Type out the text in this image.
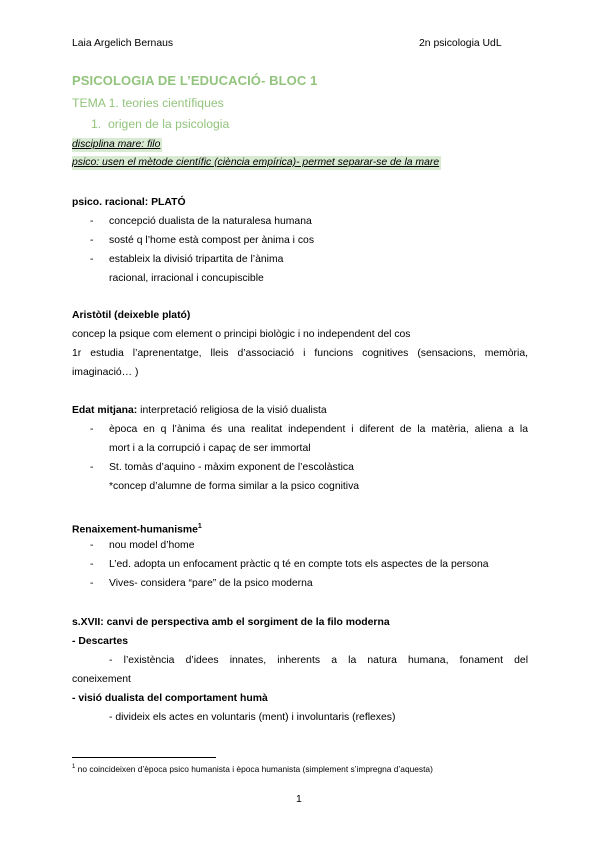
Laia Argelich Bernaus	2n psicologia UdL
PSICOLOGIA DE L’EDUCACIÓ- BLOC 1
TEMA 1. teories científiques
1. origen de la psicologia
disciplina mare: filo
psico: usen el mètode científic (ciència empírica)- permet separar-se de la mare
psico. racional: PLATÓ
- concepció dualista de la naturalesa humana
- sosté q l’home està compost per ànima i cos
- estableix la divisió tripartita de l’ànima
racional, irracional i concupiscible
Aristòtil (deixeble plató)
concep la psique com element o principi biològic i no independent del cos
1r estudia l’aprenentatge, lleis d’associació i funcions cognitives (sensacions, memòria,
imaginació… )
Edat mitjana: interpretació religiosa de la visió dualista
- època en q l’ànima és una realitat independent i diferent de la matèria, aliena a la
mort i a la corrupció i capaç de ser immortal
- St. tomàs d’aquino - màxim exponent de l’escolàstica
*concep d’alumne de forma similar a la psico cognitiva
Renaixement-humanisme$^1$
- nou model d’home
- L’ed. adopta un enfocament pràctic q té en compte tots els aspectes de la persona
- Vives- considera “pare” de la psico moderna
s.XVII: canvi de perspectiva amb el sorgiment de la filo moderna
- Descartes
- l’existència d’idees innates, inherents a la natura humana, fonament del
coneixement
- visió dualista del comportament humà
- divideix els actes en voluntaris (ment) i involuntaris (reflexes)
$^1$ no coincideixen d’època psico humanista i època humanista (simplement s’impregna d’aquesta)
1
